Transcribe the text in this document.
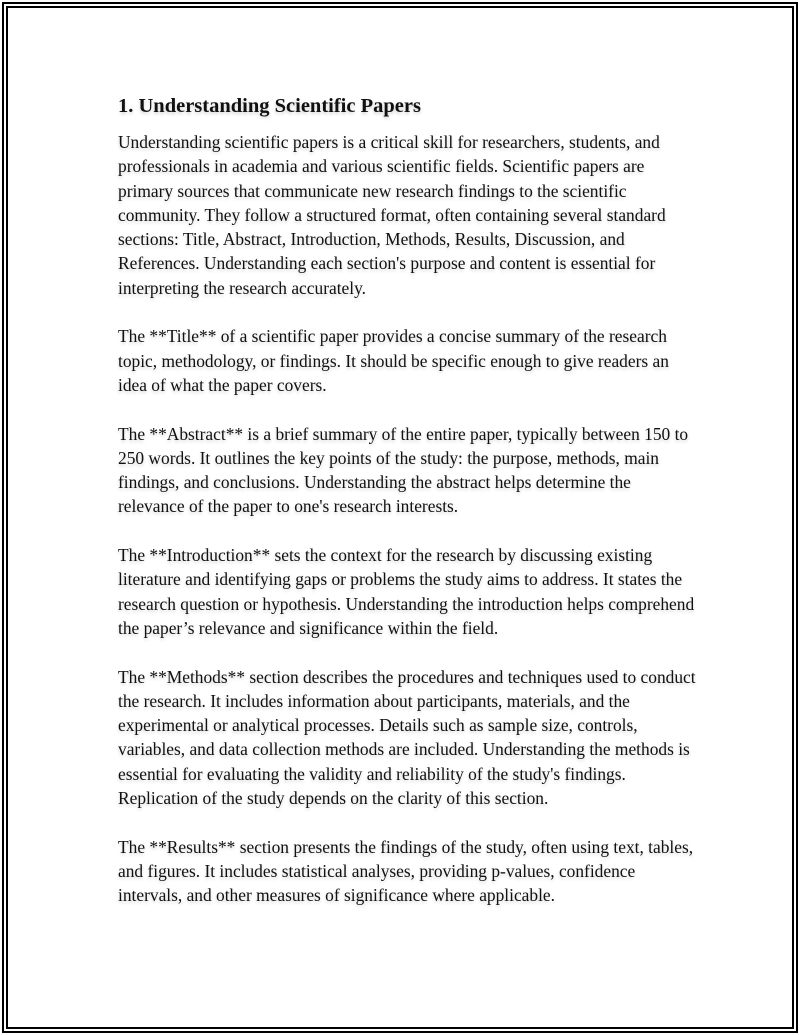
1. Understanding Scientific Papers

Understanding scientific papers is a critical skill for researchers, students, and professionals in academia and various scientific fields. Scientific papers are primary sources that communicate new research findings to the scientific community. They follow a structured format, often containing several standard sections: Title, Abstract, Introduction, Methods, Results, Discussion, and References. Understanding each section's purpose and content is essential for interpreting the research accurately.

The **Title** of a scientific paper provides a concise summary of the research topic, methodology, or findings. It should be specific enough to give readers an idea of what the paper covers.

The **Abstract** is a brief summary of the entire paper, typically between 150 to 250 words. It outlines the key points of the study: the purpose, methods, main findings, and conclusions. Understanding the abstract helps determine the relevance of the paper to one's research interests.

The **Introduction** sets the context for the research by discussing existing literature and identifying gaps or problems the study aims to address. It states the research question or hypothesis. Understanding the introduction helps comprehend the paper’s relevance and significance within the field.

The **Methods** section describes the procedures and techniques used to conduct the research. It includes information about participants, materials, and the experimental or analytical processes. Details such as sample size, controls, variables, and data collection methods are included. Understanding the methods is essential for evaluating the validity and reliability of the study's findings. Replication of the study depends on the clarity of this section.

The **Results** section presents the findings of the study, often using text, tables, and figures. It includes statistical analyses, providing p-values, confidence intervals, and other measures of significance where applicable.
